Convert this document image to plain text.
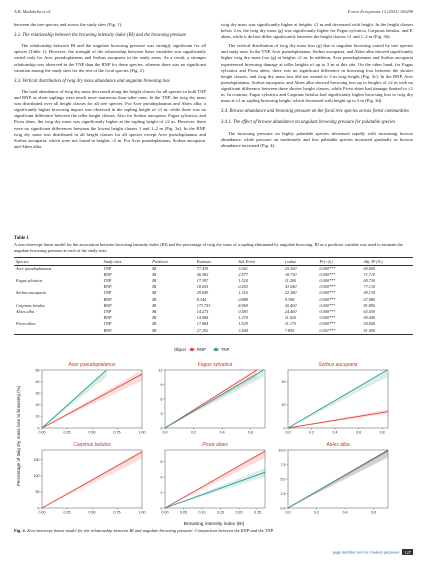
A.B. Madakcha et al.	Forest Ecosystems 12 (2025) 100298

between the tree species and across the study sites (Fig. 1).

3.2. The relationship between the browsing intensity index (BI) and the browsing pressure

The relationship between BI and the ungulate browsing pressure was strongly significant for all species (Table 1). However, the strength of the relationship between these variables was significantly varied only for Acer pseudoplatanus and Sorbus aucuparia in the study areas. As a result, a stronger relationship was observed in the TNP than the RNP for these species, whereas there was no significant variation among the study sites for the rest of the focal species (Fig. 2).

3.3. Vertical distribution of twig dry mass abundance and ungulate browsing loss

The total abundance of twig dry mass decreased along the height classes for all species in both TNP and RNP, as short saplings were much more numerous than taller ones. In the TNP, the twig dry mass was distributed over all height classes for all tree species. For Acer pseudoplatanus and Abies alba, a significantly higher browsing impact was observed in the sapling height of ≤1 m, while there was no significant difference between the taller height classes. Also for Sorbus aucuparia, Fagus sylvatica, and Picea abies, the twig dry mass was significantly higher at the sapling height of ≤2 m. However, there were no significant differences between the lowest height classes 1 and 1–2 m (Fig. 3a). In the RNP, twig dry mass was distributed in all height classes for all species except Acer pseudoplatanus and Sorbus aucuparia, which were not found in heights >2 m. For Acer pseudoplatanus, Sorbus aucuparia, and Abies alba,

twig dry mass was significantly higher at heights ≤1 m and decreased with height. In the height classes below 2 m, the twig dry mass (g) was significantly higher for Fagus sylvatica, Carpinus betulus, and P. abies, while it did not differ significantly between the height classes ≤1 and 1–2 m (Fig. 3b).

The vertical distribution of twig dry mass loss (g) due to ungulate browsing varied by tree species and study area. In the TNP, Acer pseudoplatanus, Sorbus aucuparia, and Abies alba showed significantly higher twig dry mass loss (g) at heights ≤1 m. In addition, Acer pseudoplatanus and Sorbus aucuparia experienced browsing damage at taller heights of up to 3 m at this site. On the other hand, for Fagus sylvatica and Picea abies, there was no significant difference in browsing loss between the shorter height classes, and twig dry mass loss did not extend to 3 m twig height (Fig. 3c). In the RNP, Acer pseudoplatanus, Sorbus aucuparia, and Abies alba showed browsing loss up to heights of ≤2 m with no significant difference between these shorter height classes, while Picea abies had damage limited to ≤1 m. In contrast, Fagus sylvatica and Carpinus betulus had significantly higher browsing loss to twig dry mass at ≤1 m sapling browsing height, which decreased with height up to 3 m (Fig. 3d).

3.4. Browse abundance and browsing pressure on the focal tree species across forest communities
3.4.1. The effect of browse abundance on ungulate browsing pressure for palatable species

The browsing pressure on highly palatable species decreased rapidly with increasing browse abundance, while pressure on moderately and less palatable species increased gradually as browse abundance increased (Fig. 4).

Table 1
A zero-intercept linear model for the association between browsing intensity index (BI) and the percentage of twig dry mass of a sapling eliminated by ungulate browsing. BI as a predictor variable was used to estimate the ungulate browsing pressure at each of the study sites.
Species	Study sites	Predictor	Estimate	Std. Error	t value	Pr(>|t|)	Adj. R² (%)
Acer pseudoplatanus	TNP	BI	77.439	3.061	25.300	0.000***	69.840
	RNP	BI	46.382	2.477	18.730	0.000***	71.710
Fagus sylvatica	TNP	BI	17.397	1.524	11.200	0.000***	69.730
	RNP	BI	18.655	0.455	41.040	0.000***	77.130
Sorbus aucuparia	TNP	BI	29.649	1.316	22.380	0.000***	49.130
	RNP	BI	8.344	0.888	9.398	0.000***	67.080
Carpinus betulus	RNP	BI	173.753	8.969	20.400	0.000***	81.890
Abies alba	TNP	BI	14.275	0.583	24.460	0.000***	65.430
	RNP	BI	14.088	1.274	11.020	0.000***	69.040
Picea abies	TNP	BI	17.084	1.529	11.170	0.000***	54.840
	RNP	BI	27.192	3.444	7.895	0.001***	91.090
Object	RNP	TNP
Percentage of twig dry mass loss to browsing (%)
Browsing intensity index (BI)
Acer pseudoplatanus
0.00	0.25	0.50	0.75	1.00
0
10
20
30
40
50
Fagus sylvatica
0.0	0.2	0.4	0.6
0
3
6
9
12
Sorbus aucuparia
0.0	0.2	0.4	0.6	0.8
0
10
20
Carpinus betulus
0.00	0.25	0.50	0.75	1.00
0
50
100
150
Picea abies
0.00	0.05	0.10	0.15	0.20	0.25
0
2
4
6
Abies alba
0.0	0.2	0.4	0.6
0.0
2.5
5.0
7.5
10.0
Fig. 2. Zero-intercept linear model for the relationship between BI and ungulate browsing pressure: Comparison between the RNP and the TNP.
page number not for citation purposes 127
